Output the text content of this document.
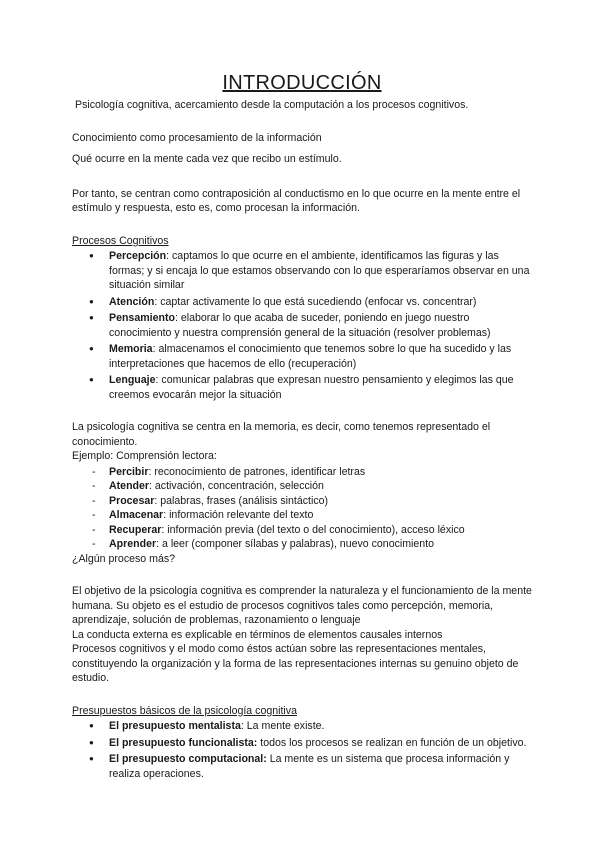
INTRODUCCIÓN

Psicología cognitiva, acercamiento desde la computación a los procesos cognitivos.

Conocimiento como procesamiento de la información

Qué ocurre en la mente cada vez que recibo un estímulo.

Por tanto, se centran como contraposición al conductismo en lo que ocurre en la mente entre el estímulo y respuesta, esto es, como procesan la información.

Procesos Cognitivos

● Percepción: captamos lo que ocurre en el ambiente, identificamos las figuras y las formas; y si encaja lo que estamos observando con lo que esperaríamos observar en una situación similar
● Atención: captar activamente lo que está sucediendo (enfocar vs. concentrar)
● Pensamiento: elaborar lo que acaba de suceder, poniendo en juego nuestro conocimiento y nuestra comprensión general de la situación (resolver problemas)
● Memoria: almacenamos el conocimiento que tenemos sobre lo que ha sucedido y las interpretaciones que hacemos de ello (recuperación)
● Lenguaje: comunicar palabras que expresan nuestro pensamiento y elegimos las que creemos evocarán mejor la situación

La psicología cognitiva se centra en la memoria, es decir, como tenemos representado el conocimiento.

Ejemplo: Comprensión lectora:

- Percibir: reconocimiento de patrones, identificar letras
- Atender: activación, concentración, selección
- Procesar: palabras, frases (análisis sintáctico)
- Almacenar: información relevante del texto
- Recuperar: información previa (del texto o del conocimiento), acceso léxico
- Aprender: a leer (componer sílabas y palabras), nuevo conocimiento

¿Algún proceso más?

El objetivo de la psicología cognitiva es comprender la naturaleza y el funcionamiento de la mente humana. Su objeto es el estudio de procesos cognitivos tales como percepción, memoria, aprendizaje, solución de problemas, razonamiento o lenguaje

La conducta externa es explicable en términos de elementos causales internos

Procesos cognitivos y el modo como éstos actúan sobre las representaciones mentales, constituyendo la organización y la forma de las representaciones internas su genuino objeto de estudio.

Presupuestos básicos de la psicología cognitiva

● El presupuesto mentalista: La mente existe.
● El presupuesto funcionalista: todos los procesos se realizan en función de un objetivo.
● El presupuesto computacional: La mente es un sistema que procesa información y realiza operaciones.
